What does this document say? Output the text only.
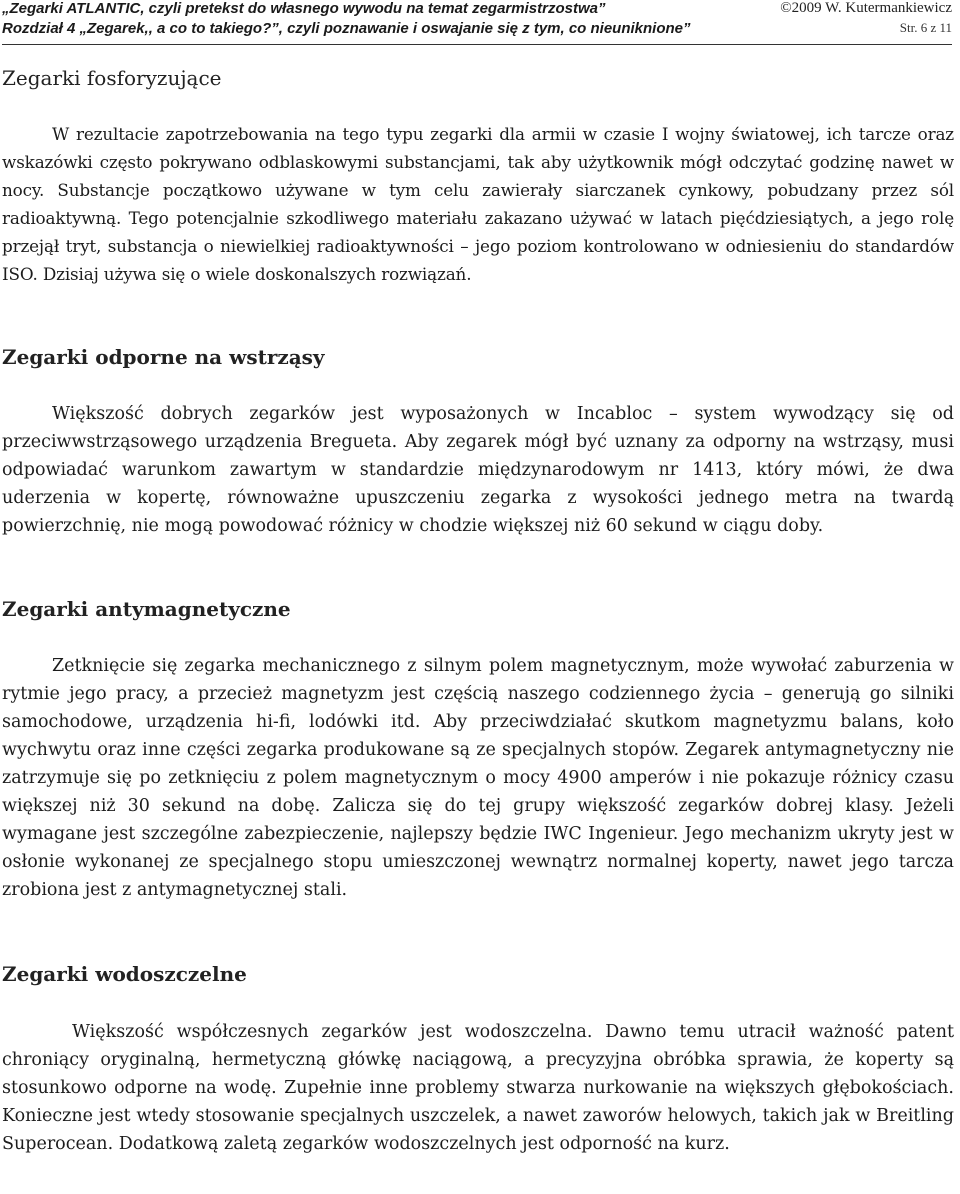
„Zegarki ATLANTIC, czyli pretekst do własnego wywodu na temat zegarmistrzostwa”	©2009 W. Kutermankiewicz
Rozdział 4 „Zegarek,, a co to takiego?”, czyli poznawanie i oswajanie się z tym, co nieuniknione”	Str. 6 z 11
Zegarki fosforyzujące

W rezultacie zapotrzebowania na tego typu zegarki dla armii w czasie I wojny światowej, ich tarcze oraz wskazówki często pokrywano odblaskowymi substancjami, tak aby użytkownik mógł odczytać godzinę nawet w nocy. Substancje początkowo używane w tym celu zawierały siarczanek cynkowy, pobudzany przez sól radioaktywną. Tego potencjalnie szkodliwego materiału zakazano używać w latach pięćdziesiątych, a jego rolę przejął tryt, substancja o niewielkiej radioaktywności – jego poziom kontrolowano w odniesieniu do standardów ISO. Dzisiaj używa się o wiele doskonalszych rozwiązań.

Zegarki odporne na wstrząsy

Większość dobrych zegarków jest wyposażonych w Incabloc – system wywodzący się od przeciwwstrząsowego urządzenia Bregueta. Aby zegarek mógł być uznany za odporny na wstrząsy, musi odpowiadać warunkom zawartym w standardzie międzynarodowym nr 1413, który mówi, że dwa uderzenia w kopertę, równoważne upuszczeniu zegarka z wysokości jednego metra na twardą powierzchnię, nie mogą powodować różnicy w chodzie większej niż 60 sekund w ciągu doby.

Zegarki antymagnetyczne

Zetknięcie się zegarka mechanicznego z silnym polem magnetycznym, może wywołać zaburzenia w rytmie jego pracy, a przecież magnetyzm jest częścią naszego codziennego życia – generują go silniki samochodowe, urządzenia hi-fi, lodówki itd. Aby przeciwdziałać skutkom magnetyzmu balans, koło wychwytu oraz inne części zegarka produkowane są ze specjalnych stopów. Zegarek antymagnetyczny nie zatrzymuje się po zetknięciu z polem magnetycznym o mocy 4900 amperów i nie pokazuje różnicy czasu większej niż 30 sekund na dobę. Zalicza się do tej grupy większość zegarków dobrej klasy. Jeżeli wymagane jest szczególne zabezpieczenie, najlepszy będzie IWC Ingenieur. Jego mechanizm ukryty jest w osłonie wykonanej ze specjalnego stopu umieszczonej wewnątrz normalnej koperty, nawet jego tarcza zrobiona jest z antymagnetycznej stali.

Zegarki wodoszczelne

Większość współczesnych zegarków jest wodoszczelna. Dawno temu utracił ważność patent chroniący oryginalną, hermetyczną główkę naciągową, a precyzyjna obróbka sprawia, że koperty są stosunkowo odporne na wodę. Zupełnie inne problemy stwarza nurkowanie na większych głębokościach. Konieczne jest wtedy stosowanie specjalnych uszczelek, a nawet zaworów helowych, takich jak w Breitling Superocean. Dodatkową zaletą zegarków wodoszczelnych jest odporność na kurz.
